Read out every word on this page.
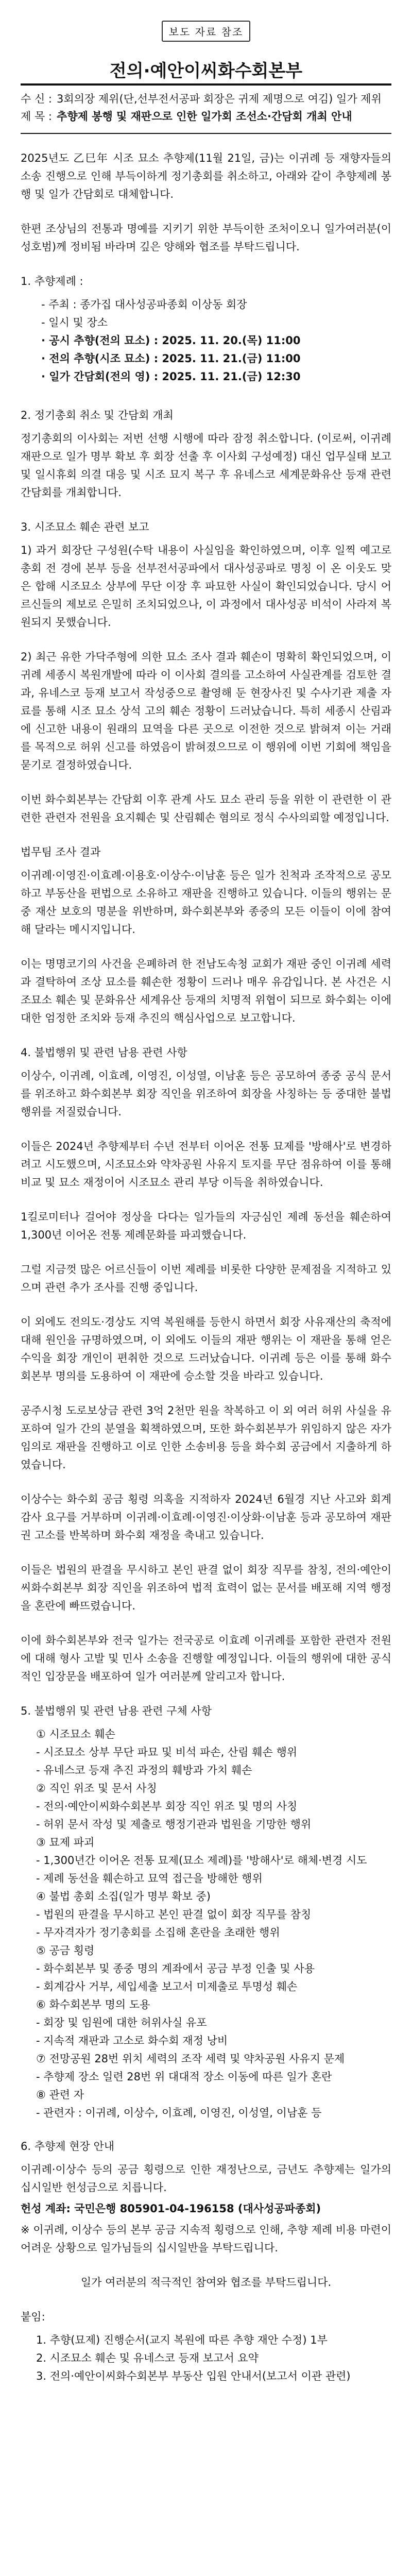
보도 자료 참조
전의·예안이씨화수회본부
수 신 : 3회의장 제위(단,선부전서공파 회장은 귀제 제명으로 여김) 일가 제위
제 목 : 추향제 봉행 및 재판으로 인한 일가회 조선소·간담회 개최 안내

2025년도 乙巳年 시조 묘소 추향제(11월 21일, 금)는 이귀례 등 재향자들의 소송 진행으로 인해 부득이하게 정기총회를 취소하고, 아래와 같이 추향제례 봉행 및 일가 간담회로 대체합니다.

한편 조상님의 전통과 명예를 지키기 위한 부득이한 조처이오니 일가여러분(이성호범)께 정비됨 바라며 깊은 양해와 협조를 부탁드립니다.

1. 추향제례 :
- 주최 : 종가집 대사성공파종회 이상동 회장
- 일시 및 장소
· 공시 추향(전의 묘소) : 2025. 11. 20.(목) 11:00
· 전의 추향(시조 묘소) : 2025. 11. 21.(금) 11:00
· 일가 간담회(전의 영) : 2025. 11. 21.(금) 12:30
2. 정기총회 취소 및 간담회 개최

정기총회의 이사회는 저번 선행 시행에 따라 잠정 취소합니다. (이로써, 이귀례 재판으로 일가 명부 확보 후 회장 선출 후 이사회 구성예정) 대신 업무실태 보고 및 일시휴회 의결 대응 및 시조 묘지 복구 후 유네스코 세계문화유산 등재 관련 간담회를 개최합니다.

3. 시조묘소 훼손 관련 보고

1) 과거 회장단 구성원(수탁 내용이 사실임을 확인하였으며, 이후 일찍 예고로 총회 전 경에 본부 등을 선부전서공파에서 대사성공파로 명칭 이 온 이웃도 맞은 합해 시조묘소 상부에 무단 이장 후 파묘한 사실이 확인되었습니다. 당시 어르신들의 제보로 은밀히 조치되었으나, 이 과정에서 대사성공 비석이 사라져 복원되지 못했습니다.

2) 최근 유한 가닥주형에 의한 묘소 조사 결과 훼손이 명확히 확인되었으며, 이귀례 세종시 복원개발에 따라 이 이사회 결의를 고소하여 사실관계를 검토한 결과, 유네스코 등재 보고서 작성중으로 촬영해 둔 현장사진 및 수사기관 제출 자료를 통해 시조 묘소 상석 고의 훼손 정황이 드러났습니다. 특히 세종시 산림과에 신고한 내용이 원래의 묘역을 다른 곳으로 이전한 것으로 밝혀져 이는 거래를 목적으로 허위 신고를 하였음이 밝혀졌으므로 이 행위에 이번 기회에 책임을 묻기로 결정하였습니다.

이번 화수회본부는 간담회 이후 관계 사도 묘소 관리 등을 위한 이 관련한 이 관련한 관련자 전원을 요지훼손 및 산림훼손 혐의로 정식 수사의뢰할 예정입니다.

법무팀 조사 결과

이귀례·이영진·이효례·이용호·이상수·이남훈 등은 일가 친척과 조작적으로 공모하고 부동산을 편법으로 소유하고 재판을 진행하고 있습니다. 이들의 행위는 문중 재산 보호의 명분을 위반하며, 화수회본부와 종중의 모든 이들이 이에 참여해 달라는 메시지입니다.

이는 명명코기의 사건을 은폐하려 한 전남도속청 교회가 재판 중인 이귀례 세력과 결탁하여 조상 묘소를 훼손한 정황이 드러나 매우 유감입니다. 본 사건은 시조묘소 훼손 및 문화유산 세계유산 등재의 치명적 위협이 되므로 화수회는 이에 대한 엄정한 조치와 등재 추진의 핵심사업으로 보고합니다.

4. 불법행위 및 관련 남용 관련 사항

이상수, 이귀례, 이효례, 이영진, 이성열, 이남훈 등은 공모하여 종중 공식 문서를 위조하고 화수회본부 회장 직인을 위조하여 회장을 사칭하는 등 중대한 불법행위를 저질렀습니다.

이들은 2024년 추향제부터 수년 전부터 이어온 전통 묘제를 '방해사'로 변경하려고 시도했으며, 시조묘소와 약차공원 사유지 토지를 무단 점유하여 이를 통해 비교 및 묘소 재정이어 시조묘소 관리 부당 이득을 취하였습니다.

1킬로미터나 걸어야 정상을 다다는 일가들의 자긍심인 제례 동선을 훼손하여 1,300년 이어온 전통 제례문화를 파괴했습니다.

그럴 지금껏 많은 어르신들이 이번 제례를 비롯한 다양한 문제점을 지적하고 있으며 관련 추가 조사를 진행 중입니다.

이 외에도 전의도·경상도 지역 복원해를 등한시 하면서 회장 사유재산의 축적에 대해 원인을 규명하였으며, 이 외에도 이들의 재판 행위는 이 재판을 통해 얻은 수익을 회장 개인이 편취한 것으로 드러났습니다. 이귀례 등은 이를 통해 화수회본부 명의를 도용하여 이 재판에 승소할 것을 바라고 있습니다.

공주시청 도로보상금 관련 3억 2천만 원을 착복하고 이 외 여러 허위 사실을 유포하여 일가 간의 분열을 획책하였으며, 또한 화수회본부가 위임하지 않은 자가 임의로 재판을 진행하고 이로 인한 소송비용 등을 화수회 공금에서 지출하게 하였습니다.

이상수는 화수회 공금 횡령 의혹을 지적하자 2024년 6월경 지난 사고와 회계감사 요구를 거부하며 이귀례·이효례·이영진·이상화·이남훈 등과 공모하여 재판권 고소를 반복하며 화수회 재정을 축내고 있습니다.

이들은 법원의 판결을 무시하고 본인 판결 없이 회장 직무를 참칭, 전의·예안이씨화수회본부 회장 직인을 위조하여 법적 효력이 없는 문서를 배포해 지역 행정을 혼란에 빠뜨렸습니다.

이에 화수회본부와 전국 일가는 전국공로 이효례 이귀례를 포함한 관련자 전원에 대해 형사 고발 및 민사 소송을 진행할 예정입니다. 이들의 행위에 대한 공식적인 입장문을 배포하여 일가 여러분께 알리고자 합니다.

5. 불법행위 및 관련 남용 관련 구체 사항
① 시조묘소 훼손
- 시조묘소 상부 무단 파묘 및 비석 파손, 산림 훼손 행위
- 유네스코 등재 추진 과정의 훼방과 가치 훼손
② 직인 위조 및 문서 사칭
- 전의·예안이씨화수회본부 회장 직인 위조 및 명의 사칭
- 허위 문서 작성 및 제출로 행정기관과 법원을 기망한 행위
③ 묘제 파괴
- 1,300년간 이어온 전통 묘제(묘소 제례)를 '방해사'로 해체·변경 시도
- 제례 동선을 훼손하고 묘역 접근을 방해한 행위
④ 불법 총회 소집(일가 명부 확보 중)
- 법원의 판결을 무시하고 본인 판결 없이 회장 직무를 참칭
- 무자격자가 정기총회를 소집해 혼란을 초래한 행위
⑤ 공금 횡령
- 화수회본부 및 종중 명의 계좌에서 공금 부정 인출 및 사용
- 회계감사 거부, 세입세출 보고서 미제출로 투명성 훼손
⑥ 화수회본부 명의 도용
- 회장 및 임원에 대한 허위사실 유포
- 지속적 재판과 고소로 화수회 재정 낭비
⑦ 전망공원 28번 위치 세력의 조작 세력 및 약차공원 사유지 문제
- 추향제 장소 일련 28번 위 대대적 장소 이동에 따른 일가 혼란
⑧ 관련 자
- 관련자 : 이귀례, 이상수, 이효례, 이영진, 이성열, 이남훈 등
6. 추향제 현장 안내

이귀례·이상수 등의 공금 횡령으로 인한 재정난으로, 금년도 추향제는 일가의 십시일반 헌성금으로 치릅니다.

헌성 계좌: 국민은행 805901-04-196158 (대사성공파종회)

※ 이귀례, 이상수 등의 본부 공금 지속적 횡령으로 인해, 추향 제례 비용 마련이 어려운 상황으로 일가님들의 십시일반을 부탁드립니다.

일가 여러분의 적극적인 참여와 협조를 부탁드립니다.

붙임:
1. 추향(묘제) 진행순서(교지 복원에 따른 추향 재안 수정) 1부
2. 시조묘소 훼손 및 유네스코 등재 보고서 요약
3. 전의·예안이씨화수회본부 부동산 입원 안내서(보고서 이관 관련)
